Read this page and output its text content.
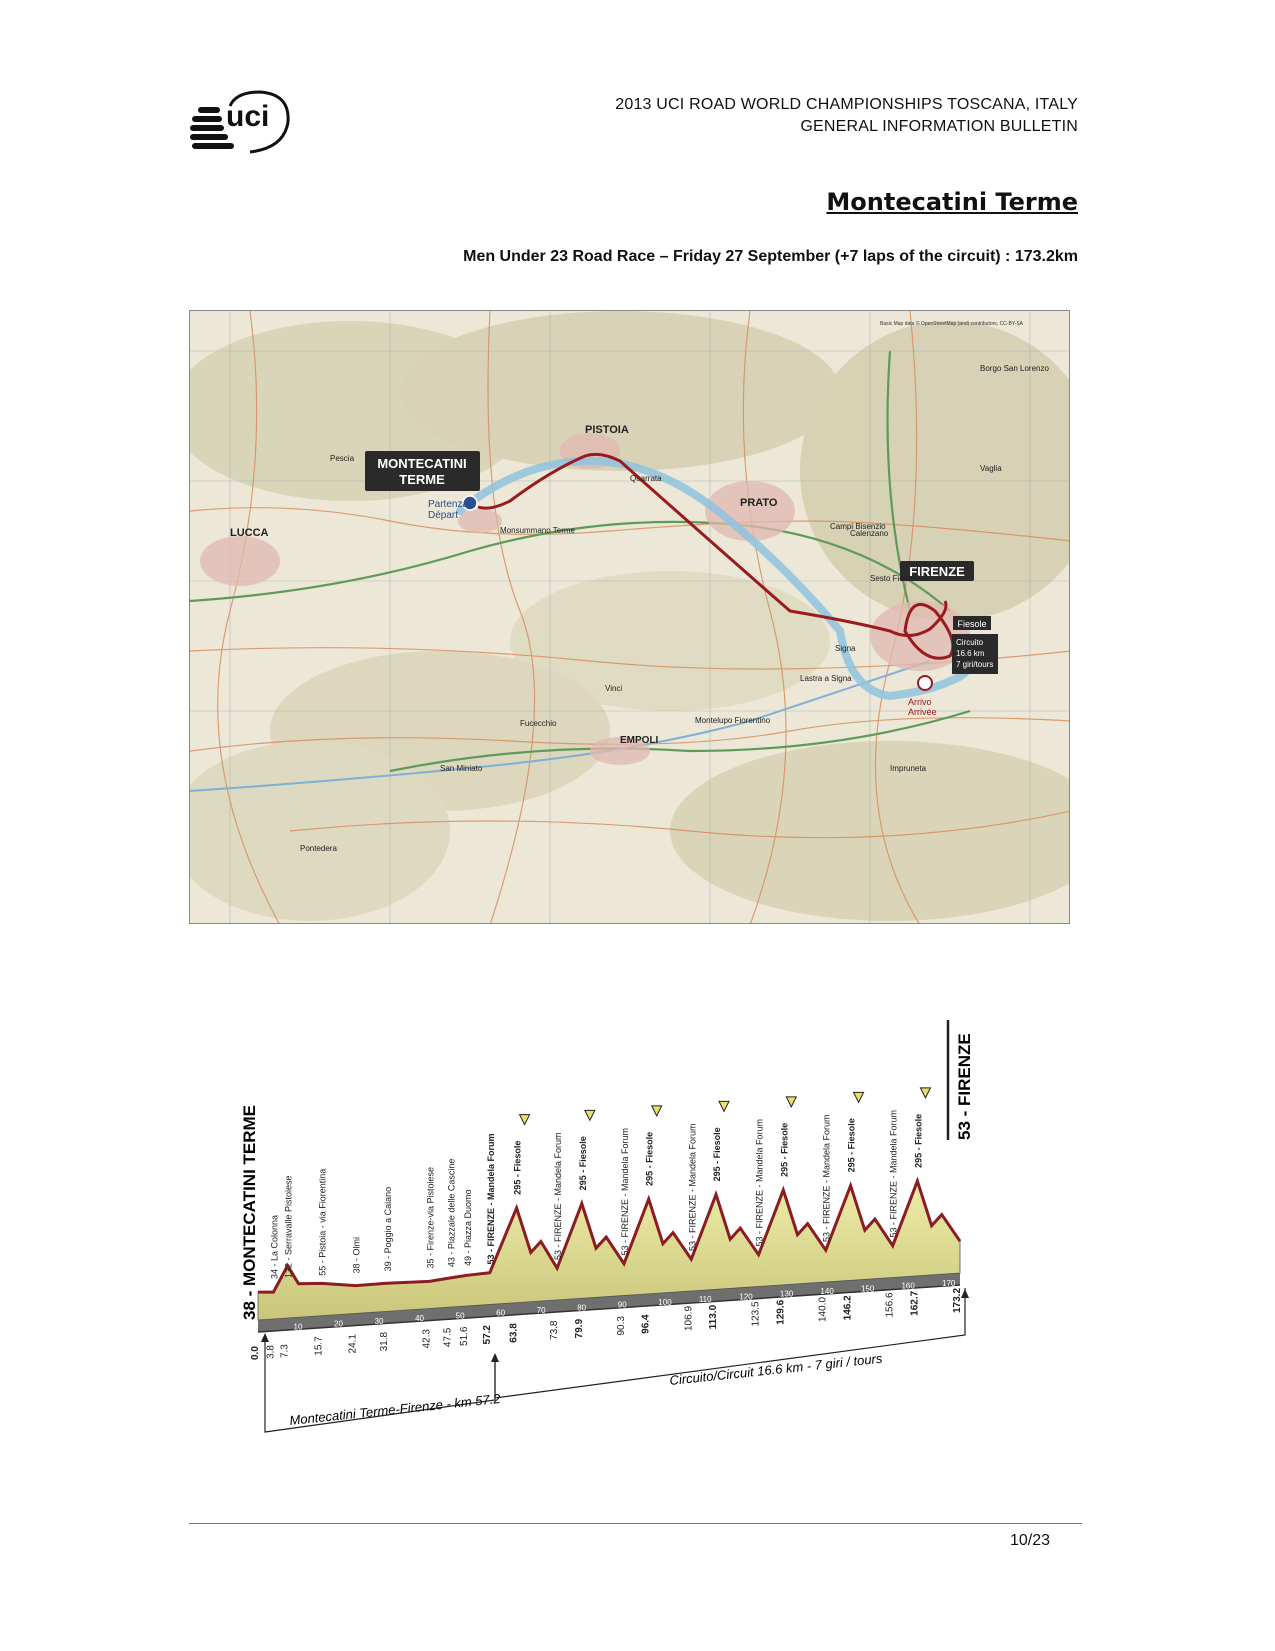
uci	2013 UCI ROAD WORLD CHAMPIONSHIPS TOSCANA, ITALY
GENERAL INFORMATION BULLETIN
Montecatini Terme
Men Under 23 Road Race – Friday 27 September (+7 laps of the circuit) : 173.2km
MONTECATINI
TERME
Partenza
Départ
FIRENZE
Fiesole
Circuito
16.6 km
7 giri/tours
Arrivo
Arrivée
PISTOIA
PRATO
LUCCA
EMPOLI
Monsummano Terme
Montelupo Fiorentino
Fucecchio
Pontedera
Campi Bisenzio
Sesto Fiorentino
Signa
Lastra a Signa
Vinci
Quarrata
Pescia
San Miniato
Calenzano
Vaglia
Borgo San Lorenzo
Impruneta
Basic Map data © OpenStreetMap (and) contributors, CC-BY-SA
0.0 3.8 7.3 15.7 24.1 31.8	42.3 47.5 51.6 57.2 63.8	73.8 79.9	90.3 96.4	106.9 113.0	123.5 129.6	140.0 146.2	156.6 162.7	173.2
10	20	30	40	50	60	70	80	90	100	110	120	130	140	150	160	170
34 - La Colonna 132 - Serravalle Pistoiese	55 - Pistoia - via Fiorentina	38 - Olmi 39 - Poggio a Caiano	35 - Firenze-via Pistoiese 43 - Piazzale delle Cascine 49 - Piazza Duomo 53 - FIRENZE - Mandela Forum 295 - Fiesole	53 - FIRENZE - Mandela Forum 295 - Fiesole	53 - FIRENZE - Mandela Forum 295 - Fiesole	53 - FIRENZE - Mandela Forum 295 - Fiesole	53 - FIRENZE - Mandela Forum 295 - Fiesole	53 - FIRENZE - Mandela Forum 295 - Fiesole	53 - FIRENZE - Mandela Forum 295 - Fiesole
Montecatini Terme-Firenze - km 57.2
Circuito/Circuit 16.6 km - 7 giri / tours
38 - MONTECATINI TERME
53 - FIRENZE
10/23
